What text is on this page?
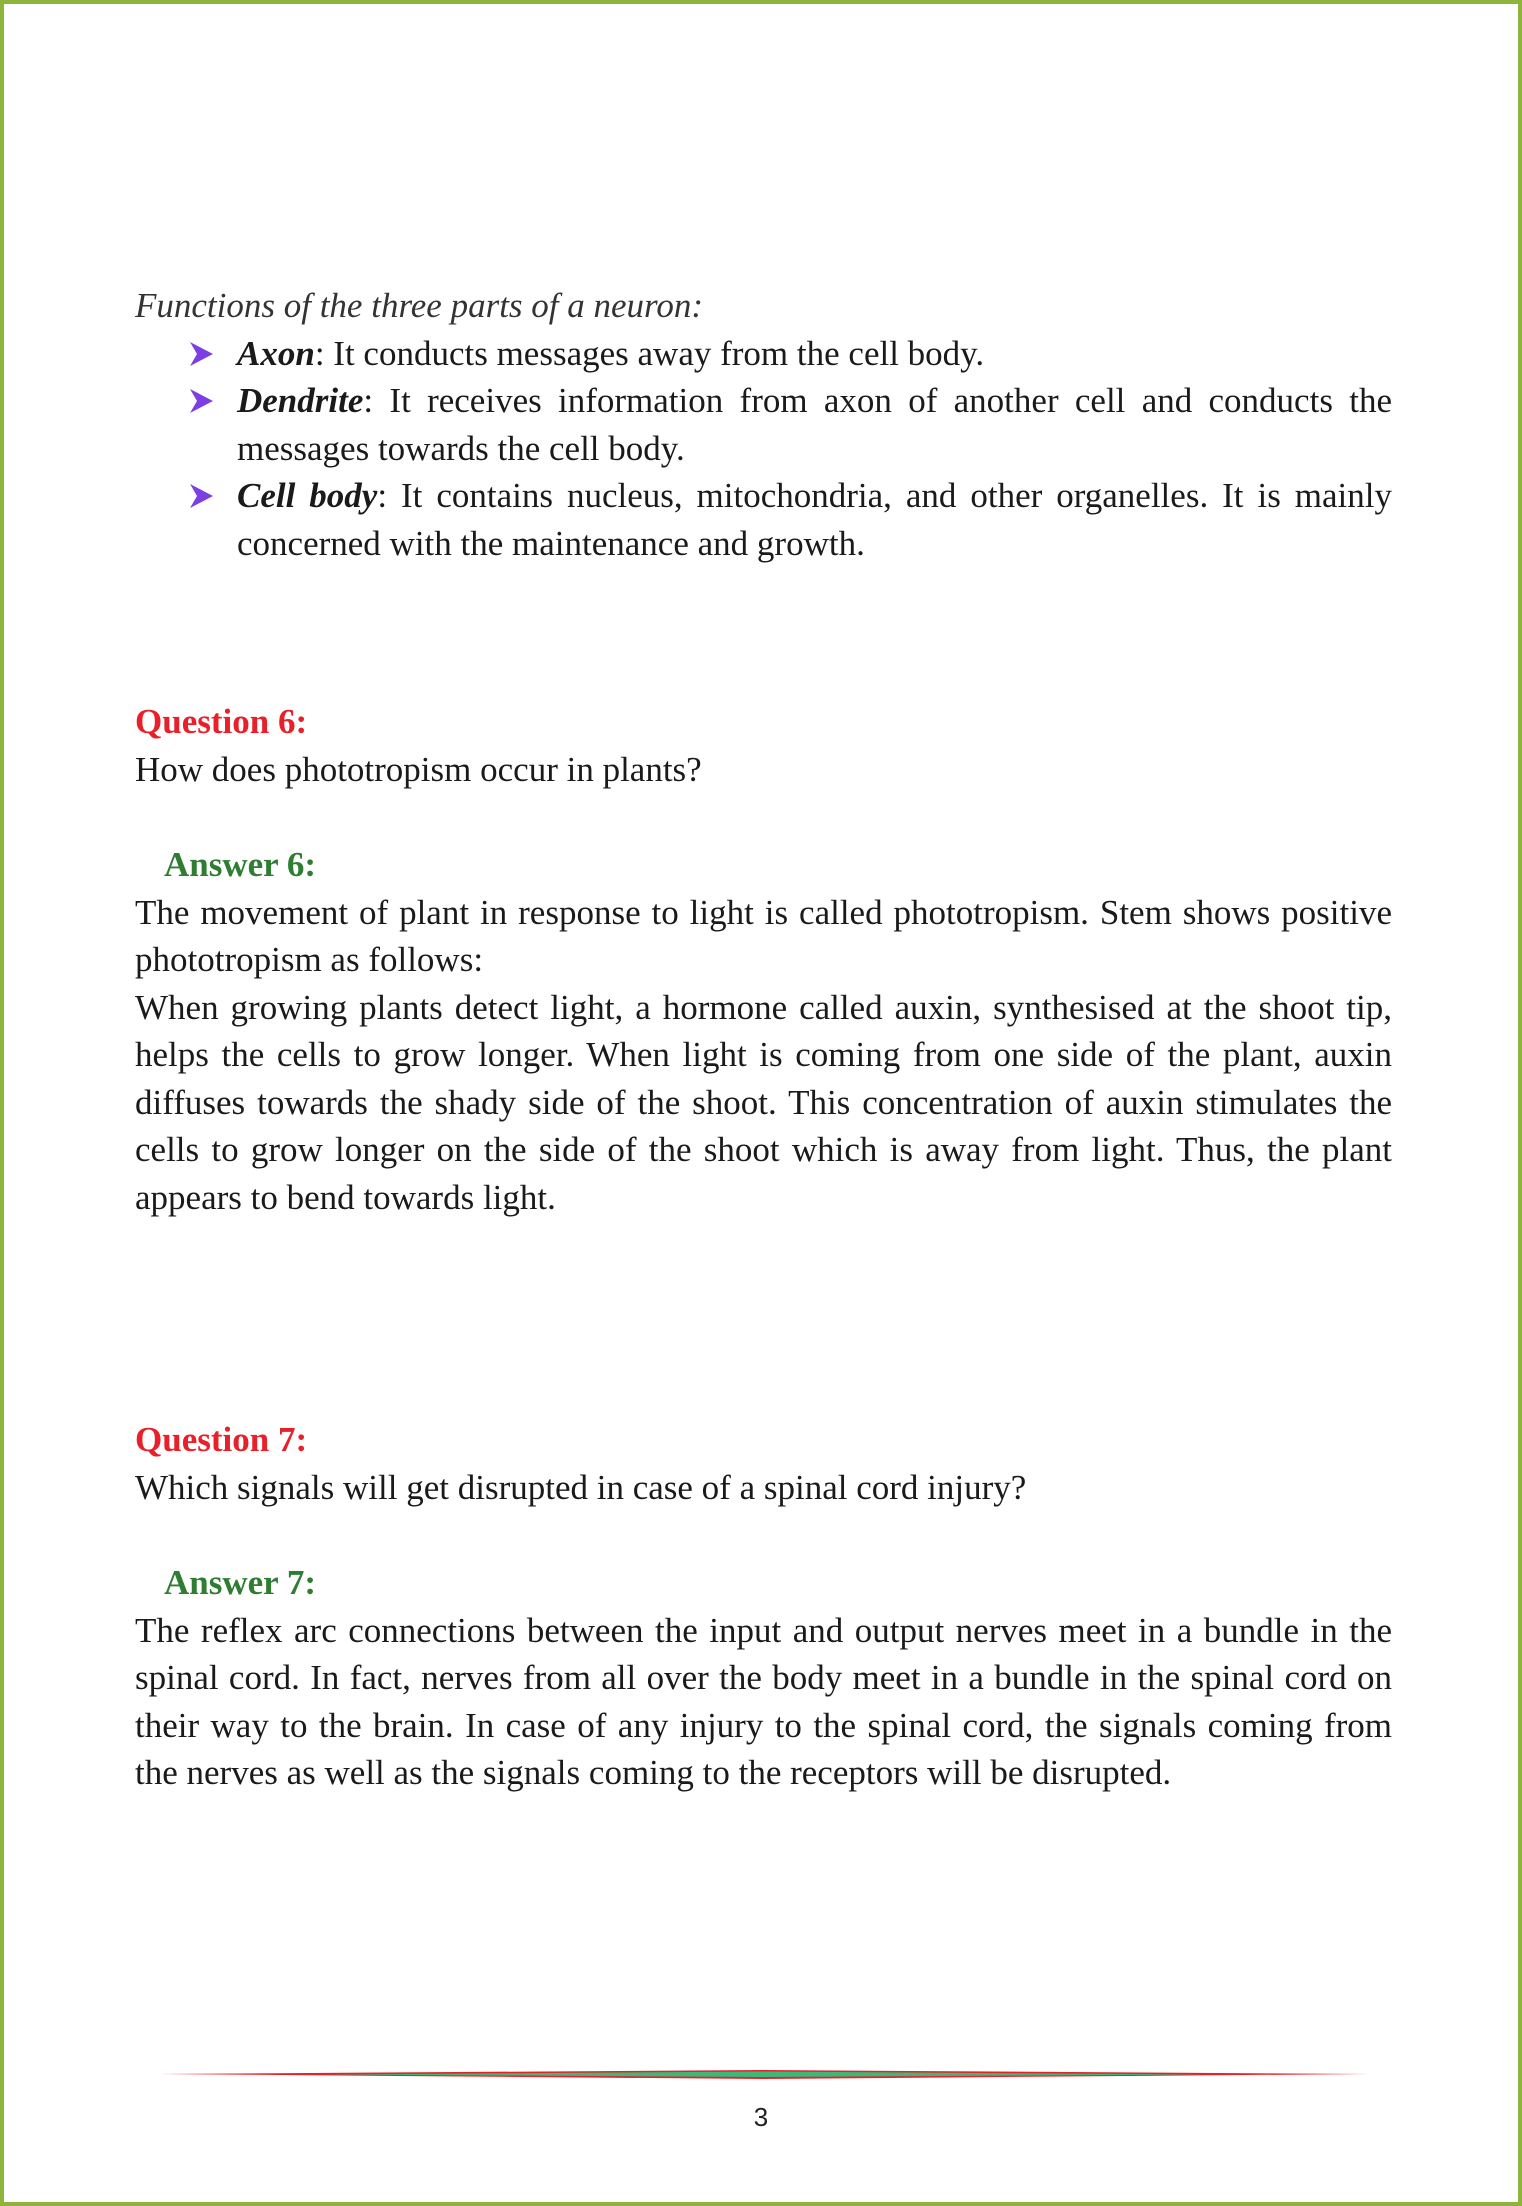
Functions of the three parts of a neuron:

Axon: It conducts messages away from the cell body.
Dendrite: It receives information from axon of another cell and conducts the messages towards the cell body.
Cell body: It contains nucleus, mitochondria, and other organelles. It is mainly concerned with the maintenance and growth.

Question 6:

How does phototropism occur in plants?

Answer 6:

The movement of plant in response to light is called phototropism. Stem shows positive phototropism as follows:

When growing plants detect light, a hormone called auxin, synthesised at the shoot tip, helps the cells to grow longer. When light is coming from one side of the plant, auxin diffuses towards the shady side of the shoot. This concentration of auxin stimulates the cells to grow longer on the side of the shoot which is away from light. Thus, the plant appears to bend towards light.

Question 7:

Which signals will get disrupted in case of a spinal cord injury?

Answer 7:

The reflex arc connections between the input and output nerves meet in a bundle in the spinal cord. In fact, nerves from all over the body meet in a bundle in the spinal cord on their way to the brain. In case of any injury to the spinal cord, the signals coming from the nerves as well as the signals coming to the receptors will be disrupted.

3
